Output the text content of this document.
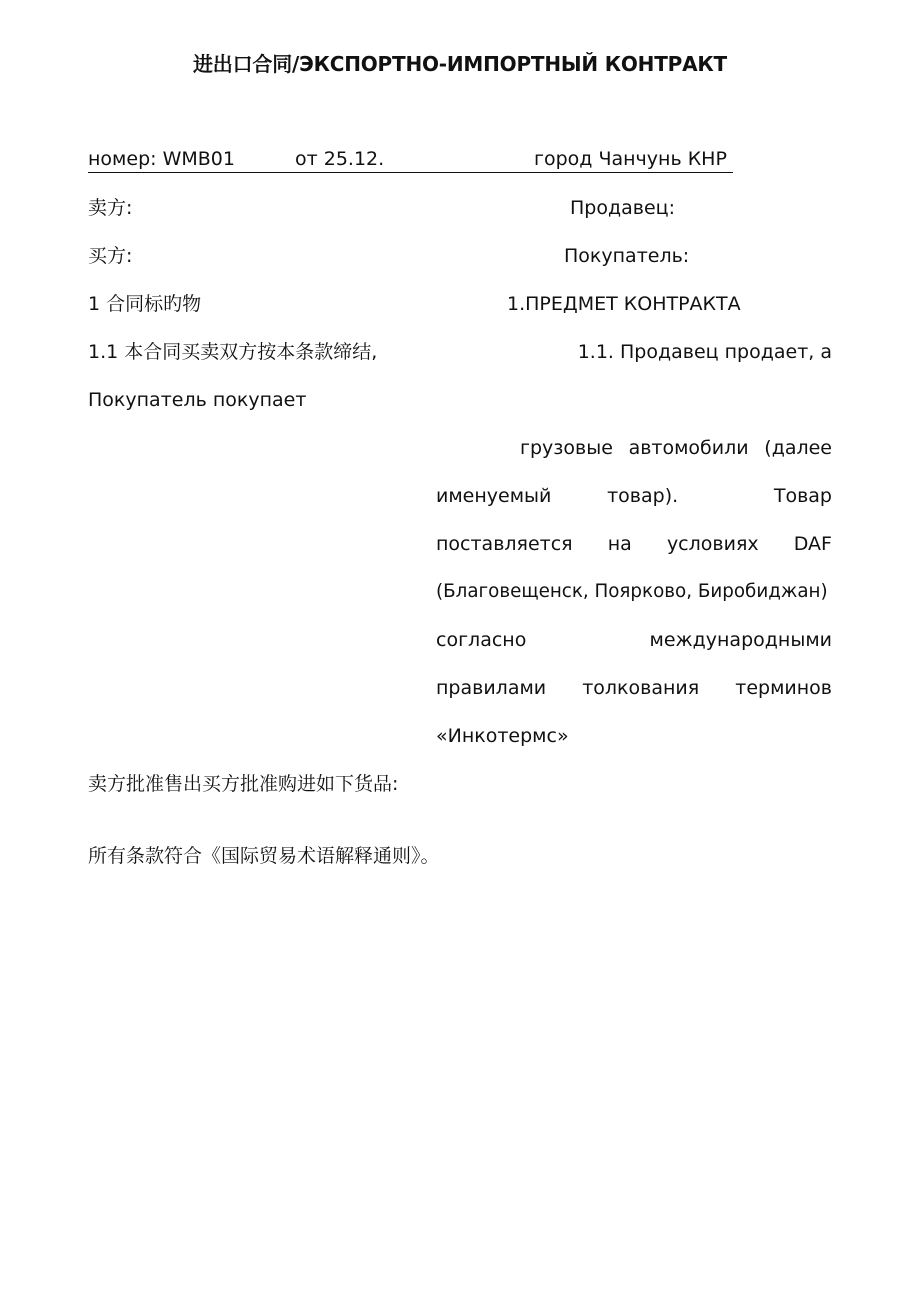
进出口合同/ЭКСПОРТНО-ИМПОРТНЫЙ КОНТРАКТ
номер: WMB01	от 25.12.	город Чанчунь КНР
卖方:	Продавец:
买方:	Покупатель:
1 合同标旳物	1.ПРЕДМЕТ КОНТРАКТА
1.1 本合同买卖双方按本条款缔结,	1.1. Продавец продает, а
Покупатель покупает
грузовые автомобили (далее
именуемый	товар).	Товар
поставляется на условиях DAF
(Благовещенск, Поярково, Биробиджан)
согласно	международными
правилами толкования терминов
«Инкотермс»
卖方批准售出买方批准购进如下货品:
所有条款符合《国际贸易术语解释通则》。
